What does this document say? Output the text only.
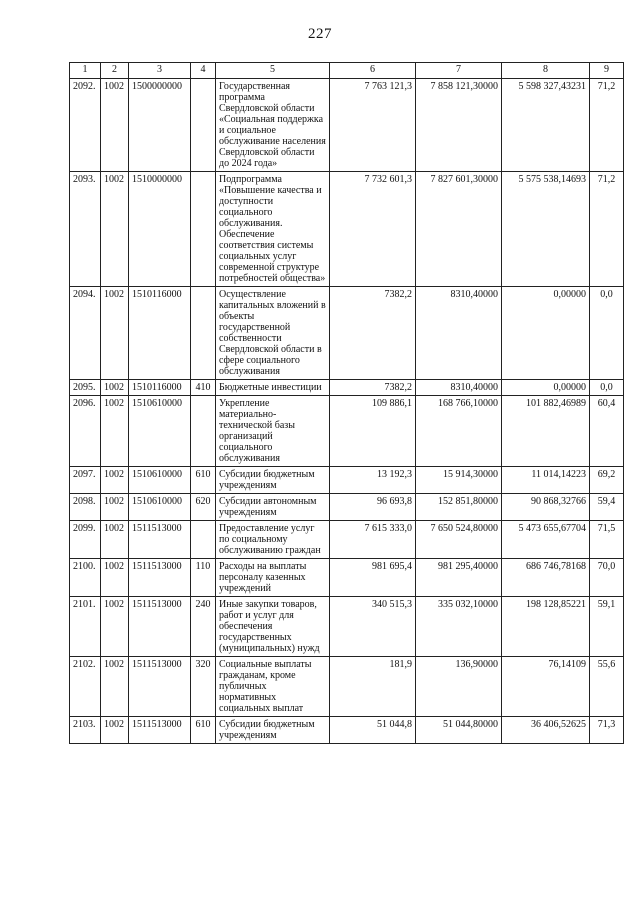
227
1	2	3	4	5	6	7	8	9
2092.	1002	1500000000		Государственная программа Свердловской области «Социальная поддержка и социальное обслуживание населения Свердловской области до 2024 года»	7 763 121,3	7 858 121,30000	5 598 327,43231	71,2
2093.	1002	1510000000		Подпрограмма «Повышение качества и доступности социального обслуживания. Обеспечение соответствия системы социальных услуг современной структуре потребностей общества»	7 732 601,3	7 827 601,30000	5 575 538,14693	71,2
2094.	1002	1510116000		Осуществление капитальных вложений в объекты государственной собственности Свердловской области в сфере социального обслуживания	7382,2	8310,40000	0,00000	0,0
2095.	1002	1510116000	410	Бюджетные инвестиции	7382,2	8310,40000	0,00000	0,0
2096.	1002	1510610000		Укрепление материально-технической базы организаций социального обслуживания	109 886,1	168 766,10000	101 882,46989	60,4
2097.	1002	1510610000	610	Субсидии бюджетным учреждениям	13 192,3	15 914,30000	11 014,14223	69,2
2098.	1002	1510610000	620	Субсидии автономным учреждениям	96 693,8	152 851,80000	90 868,32766	59,4
2099.	1002	1511513000		Предоставление услуг по социальному обслуживанию граждан	7 615 333,0	7 650 524,80000	5 473 655,67704	71,5
2100.	1002	1511513000	110	Расходы на выплаты персоналу казенных учреждений	981 695,4	981 295,40000	686 746,78168	70,0
2101.	1002	1511513000	240	Иные закупки товаров, работ и услуг для обеспечения государственных (муниципальных) нужд	340 515,3	335 032,10000	198 128,85221	59,1
2102.	1002	1511513000	320	Социальные выплаты гражданам, кроме публичных нормативных социальных выплат	181,9	136,90000	76,14109	55,6
2103.	1002	1511513000	610	Субсидии бюджетным учреждениям	51 044,8	51 044,80000	36 406,52625	71,3
